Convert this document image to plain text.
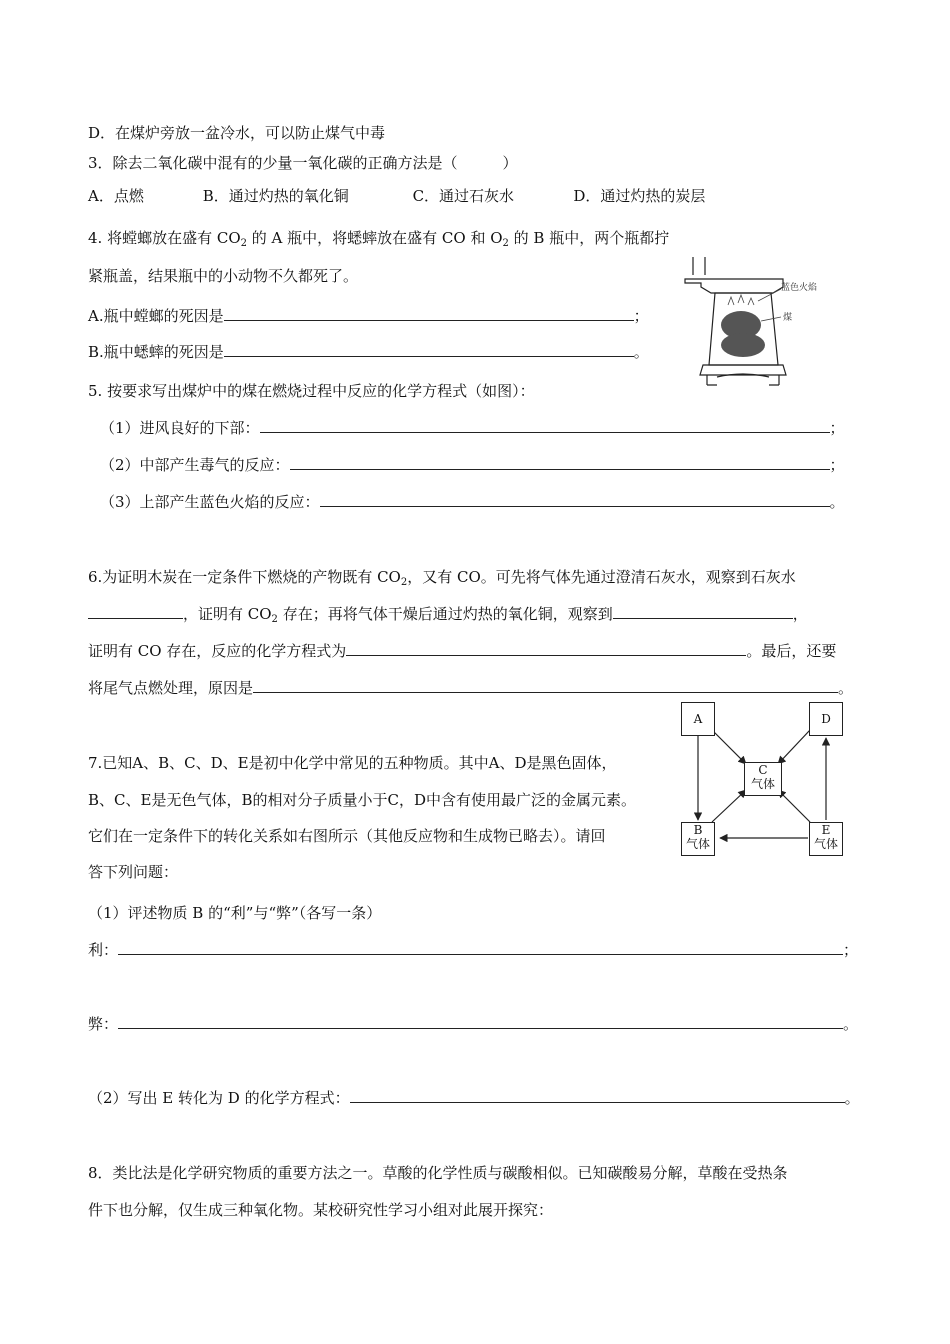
D．在煤炉旁放一盆冷水，可以防止煤气中毒
3．除去二氧化碳中混有的少量一氧化碳的正确方法是（　　　）
A．点燃	B．通过灼热的氧化铜	C．通过石灰水	D．通过灼热的炭层
4. 将螳螂放在盛有 $CO_2$ 的 A 瓶中，将蟋蟀放在盛有 CO 和 $O_2$ 的 B 瓶中，两个瓶都拧
紧瓶盖，结果瓶中的小动物不久都死了。
A.瓶中螳螂的死因是	；
B.瓶中蟋蟀的死因是	。
蓝色火焰
煤
5. 按要求写出煤炉中的煤在燃烧过程中反应的化学方程式（如图）：
（1）进风良好的下部：	；
（2）中部产生毒气的反应：	；
（3）上部产生蓝色火焰的反应：	。
6.为证明木炭在一定条件下燃烧的产物既有 $CO_2$，又有 CO。可先将气体先通过澄清石灰水，观察到石灰水
，证明有 $CO_2$ 存在；再将气体干燥后通过灼热的氧化铜，观察到	，
证明有 CO 存在，反应的化学方程式为	。最后，还要
将尾气点燃处理，原因是	。
7.已知A、B、C、D、E是初中化学中常见的五种物质。其中A、D是黑色固体，
B、C、E是无色气体，B的相对分子质量小于C，D中含有使用最广泛的金属元素。
它们在一定条件下的转化关系如右图所示（其他反应物和生成物已略去）。请回
答下列问题：
（1）评述物质 B 的“利”与“弊”（各写一条）
利：	；
弊：	。
（2）写出 E 转化为 D 的化学方程式：	。
A	D
C
气体
B
气体
E
气体
8．类比法是化学研究物质的重要方法之一。草酸的化学性质与碳酸相似。已知碳酸易分解，草酸在受热条
件下也分解，仅生成三种氧化物。某校研究性学习小组对此展开探究：
